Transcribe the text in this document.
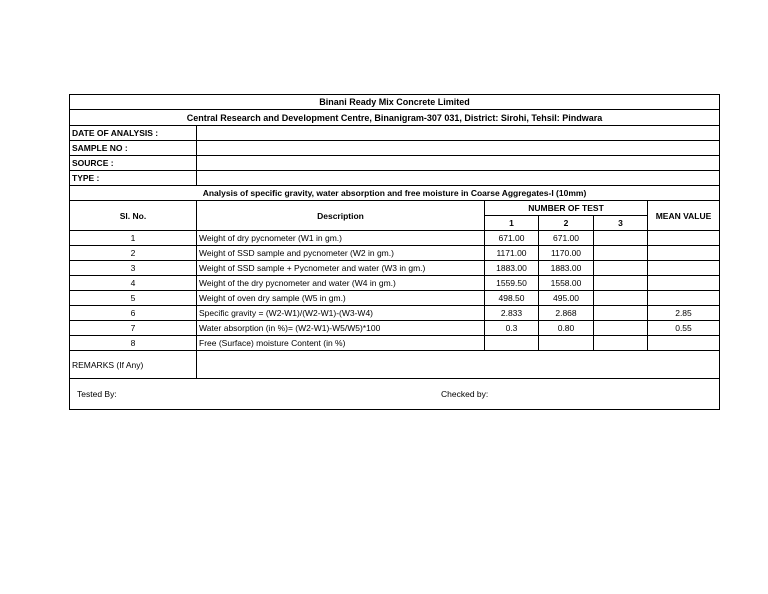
Binani Ready Mix Concrete Limited					
Central Research and Development Centre, Binanigram-307 031, District: Sirohi, Tehsil: Pindwara					
DATE OF ANALYSIS :					
SAMPLE NO :					
SOURCE :					
TYPE :					
Analysis of specific gravity, water absorption and free moisture in Coarse Aggregates-I (10mm)					
Sl. No.	Description	NUMBER OF TEST			MEAN VALUE
		1	2	3	
1	Weight of dry pycnometer (W1 in gm.)	671.00	671.00		
2	Weight of SSD sample and pycnometer (W2 in gm.)	1171.00	1170.00		
3	Weight of SSD sample + Pycnometer and water (W3 in gm.)	1883.00	1883.00		
4	Weight of the dry pycnometer and water (W4 in gm.)	1559.50	1558.00		
5	Weight of oven dry sample (W5 in gm.)	498.50	495.00		
6	Specific gravity = (W2-W1)/(W2-W1)-(W3-W4)	2.833	2.868		2.85
7	Water absorption (in %)= (W2-W1)-W5/W5)*100	0.3	0.80		0.55
8	Free (Surface) moisture Content (in %)				
REMARKS (If Any)					
Tested By: Checked by:					
